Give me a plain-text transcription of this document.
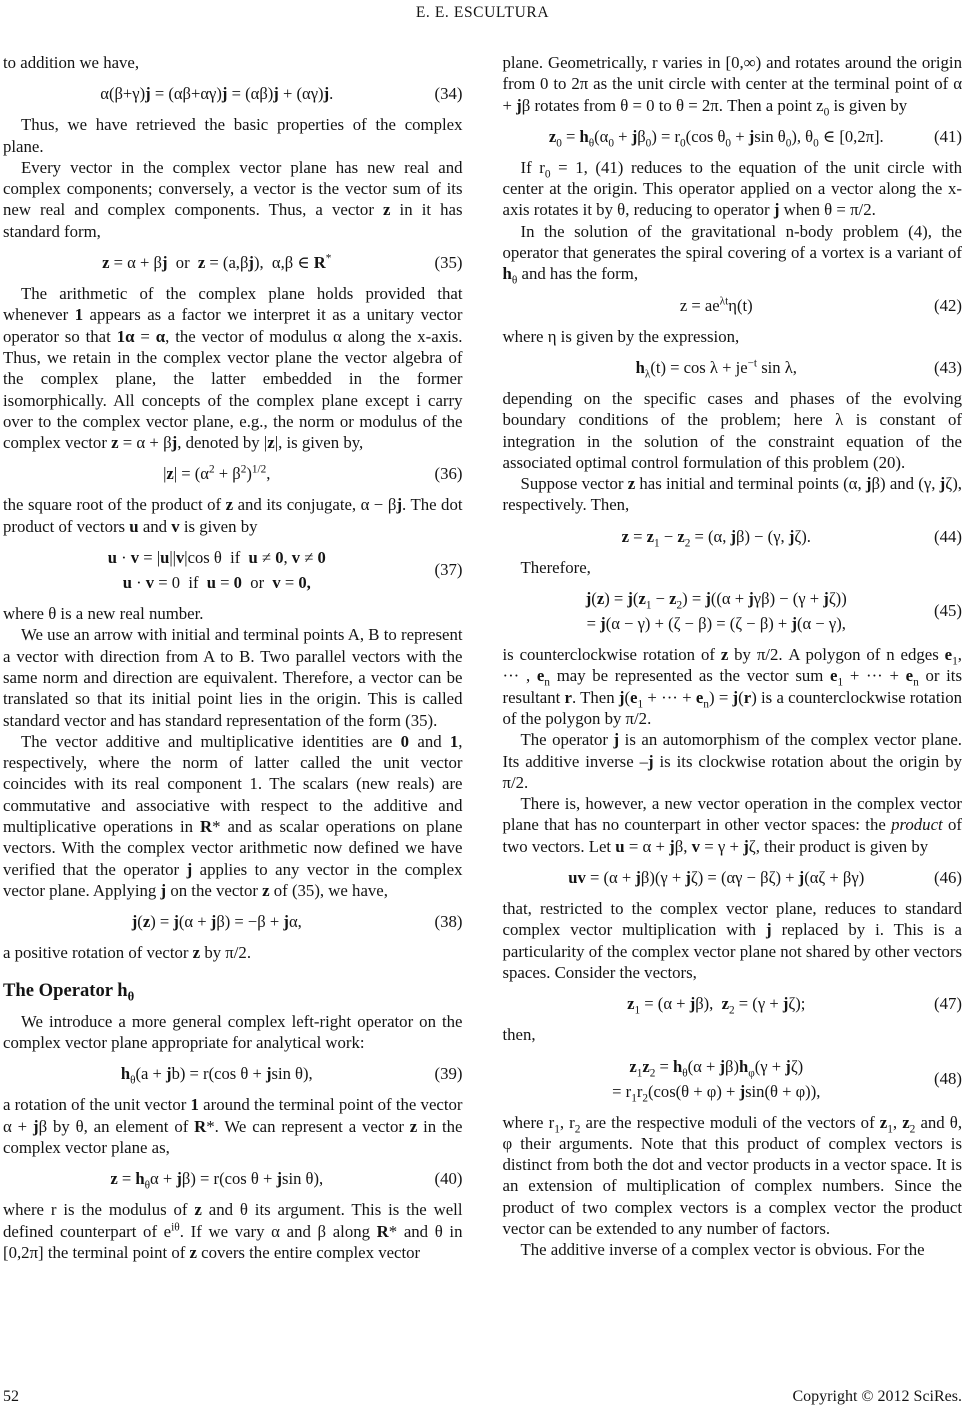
E. E. ESCULTURA

to addition we have,

α(β+γ)j = (αβ+αγ)j = (αβ)j + (αγ)j.	(34)

Thus, we have retrieved the basic properties of the complex plane.

Every vector in the complex vector plane has new real and complex components; conversely, a vector is the vector sum of its new real and complex components. Thus, a vector z in it has standard form,

z = α + βj  or  z = (a,βj),  α,β ∈ R*	(35)

The arithmetic of the complex plane holds provided that whenever 1 appears as a factor we interpret it as a unitary vector operator so that 1α = α, the vector of modulus α along the x-axis. Thus, we retain in the complex vector plane the vector algebra of the complex plane, the latter embedded in the former isomorphically. All concepts of the complex plane except i carry over to the complex vector plane, e.g., the norm or modulus of the complex vector z = α + βj, denoted by |z|, is given by,

$|z| = (\alpha^2 + \beta^2)^{1/2}$,	(36)

the square root of the product of z and its conjugate, α − βj. The dot product of vectors u and v is given by

u · v = |u||v|cos θ  if  u ≠ 0, v ≠ 0
u · v = 0  if  u = 0  or  v = 0,
(37)

where θ is a new real number.

We use an arrow with initial and terminal points A, B to represent a vector with direction from A to B. Two parallel vectors with the same norm and direction are equivalent. Therefore, a vector can be translated so that its initial point lies in the origin. This is called standard vector and has standard representation of the form (35).

The vector additive and multiplicative identities are 0 and 1, respectively, where the norm of latter called the unit vector coincides with its real component 1. The scalars (new reals) are commutative and associative with respect to the additive and multiplicative operations in R* and as scalar operations on plane vectors. With the complex vector arithmetic now defined we have verified that the operator j applies to any vector in the complex vector plane. Applying j on the vector z of (35), we have,

j(z) = j(α + jβ) = −β + jα,	(38)

a positive rotation of vector z by π/2.

The Operator $h_\theta$

We introduce a more general complex left-right operator on the complex vector plane appropriate for analytical work:

$h_\theta(a + jb) = r(\cos$ θ + jsin θ),	(39)

a rotation of the unit vector 1 around the terminal point of the vector α + jβ by θ, an element of R*. We can represent a vector z in the complex vector plane as,

$z = h_\theta\alpha + j\beta) = r(\cos$ θ + jsin θ),	(40)

where r is the modulus of z and θ its argument. This is the well defined counterpart of $e^{i\theta}$. If we vary α and β along R* and θ in [0,2π] the terminal point of z covers the entire complex vector

plane. Geometrically, r varies in [0,∞) and rotates around the origin from 0 to 2π as the unit circle with center at the terminal point of α + jβ rotates from θ = 0 to θ = 2π. Then a point $z_0$ is given by

$z_0 = h_\theta(\alpha_0 + j\beta_0) = r_0(\cos$ $\theta_0 + jsin$ $\theta_0$), $\theta_0$ ∈ [0,2π].	(41)

If $r_0 = 1$, (41) reduces to the equation of the unit circle with center at the origin. This operator applied on a vector along the x-axis rotates it by θ, reducing to operator j when θ = π/2.

In the solution of the gravitational n-body problem (4), the operator that generates the spiral covering of a vortex is a variant of $h_\theta$ and has the form,

$z = ae^{\lambda t}\eta(t)$	(42)

where η is given by the expression,

$h_\lambda(t) = \cos \lambda + je^{-t}$ sin λ,	(43)

depending on the specific cases and phases of the evolving boundary conditions of the problem; here λ is constant of integration in the solution of the constraint equation of the associated optimal control formulation of this problem (20).

Suppose vector z has initial and terminal points (α, jβ) and (γ, jζ), respectively. Then,

$z = z_1 - z_2 = (\alpha$, jβ) − (γ, jζ).	(44)

Therefore,

$j(z) = j(z_1 - z_2) = j((\alpha + j\gamma\beta) - (\gamma + j\zeta))$
= j(α − γ) + (ζ − β) = (ζ − β) + j(α − γ),
(45)

is counterclockwise rotation of z by π/2. A polygon of n edges $e_1$, ··· , $e_n$ may be represented as the vector sum $e_1$ + ··· + $e_n$ or its resultant r. Then $j(e_1$ + ··· + $e_n) = j(r)$ is a counterclockwise rotation of the polygon by π/2.

The operator j is an automorphism of the complex vector plane. Its additive inverse –j is its clockwise rotation about the origin by π/2.

There is, however, a new vector operation in the complex vector plane that has no counterpart in other vector spaces: the product of two vectors. Let u = α + jβ, v = γ + jζ, their product is given by

uv = (α + jβ)(γ + jζ) = (αγ − βζ) + j(αζ + βγ)	(46)

that, restricted to the complex vector plane, reduces to standard complex vector multiplication with j replaced by i. This is a particularity of the complex vector plane not shared by other vectors spaces. Consider the vectors,

$z_1 = (\alpha + j\beta)$,  $z_2 = (\gamma + j\zeta)$;	(47)

then,

$z_1z_2 = h_\theta(\alpha + j\beta)h_\varphi(\gamma + j\zeta)$
= $r_1r_2(\cos(\theta + \varphi) + jsin(\theta + \varphi))$,
(48)

where $r_1$, $r_2$ are the respective moduli of the vectors of $z_1$, $z_2$ and θ, φ their arguments. Note that this product of complex vectors is distinct from both the dot and vector products in a vector space. It is an extension of multiplication of complex numbers. Since the product of two complex vectors is a complex vector the product vector can be extended to any number of factors.

The additive inverse of a complex vector is obvious. For the

52	Copyright © 2012 SciRes.
